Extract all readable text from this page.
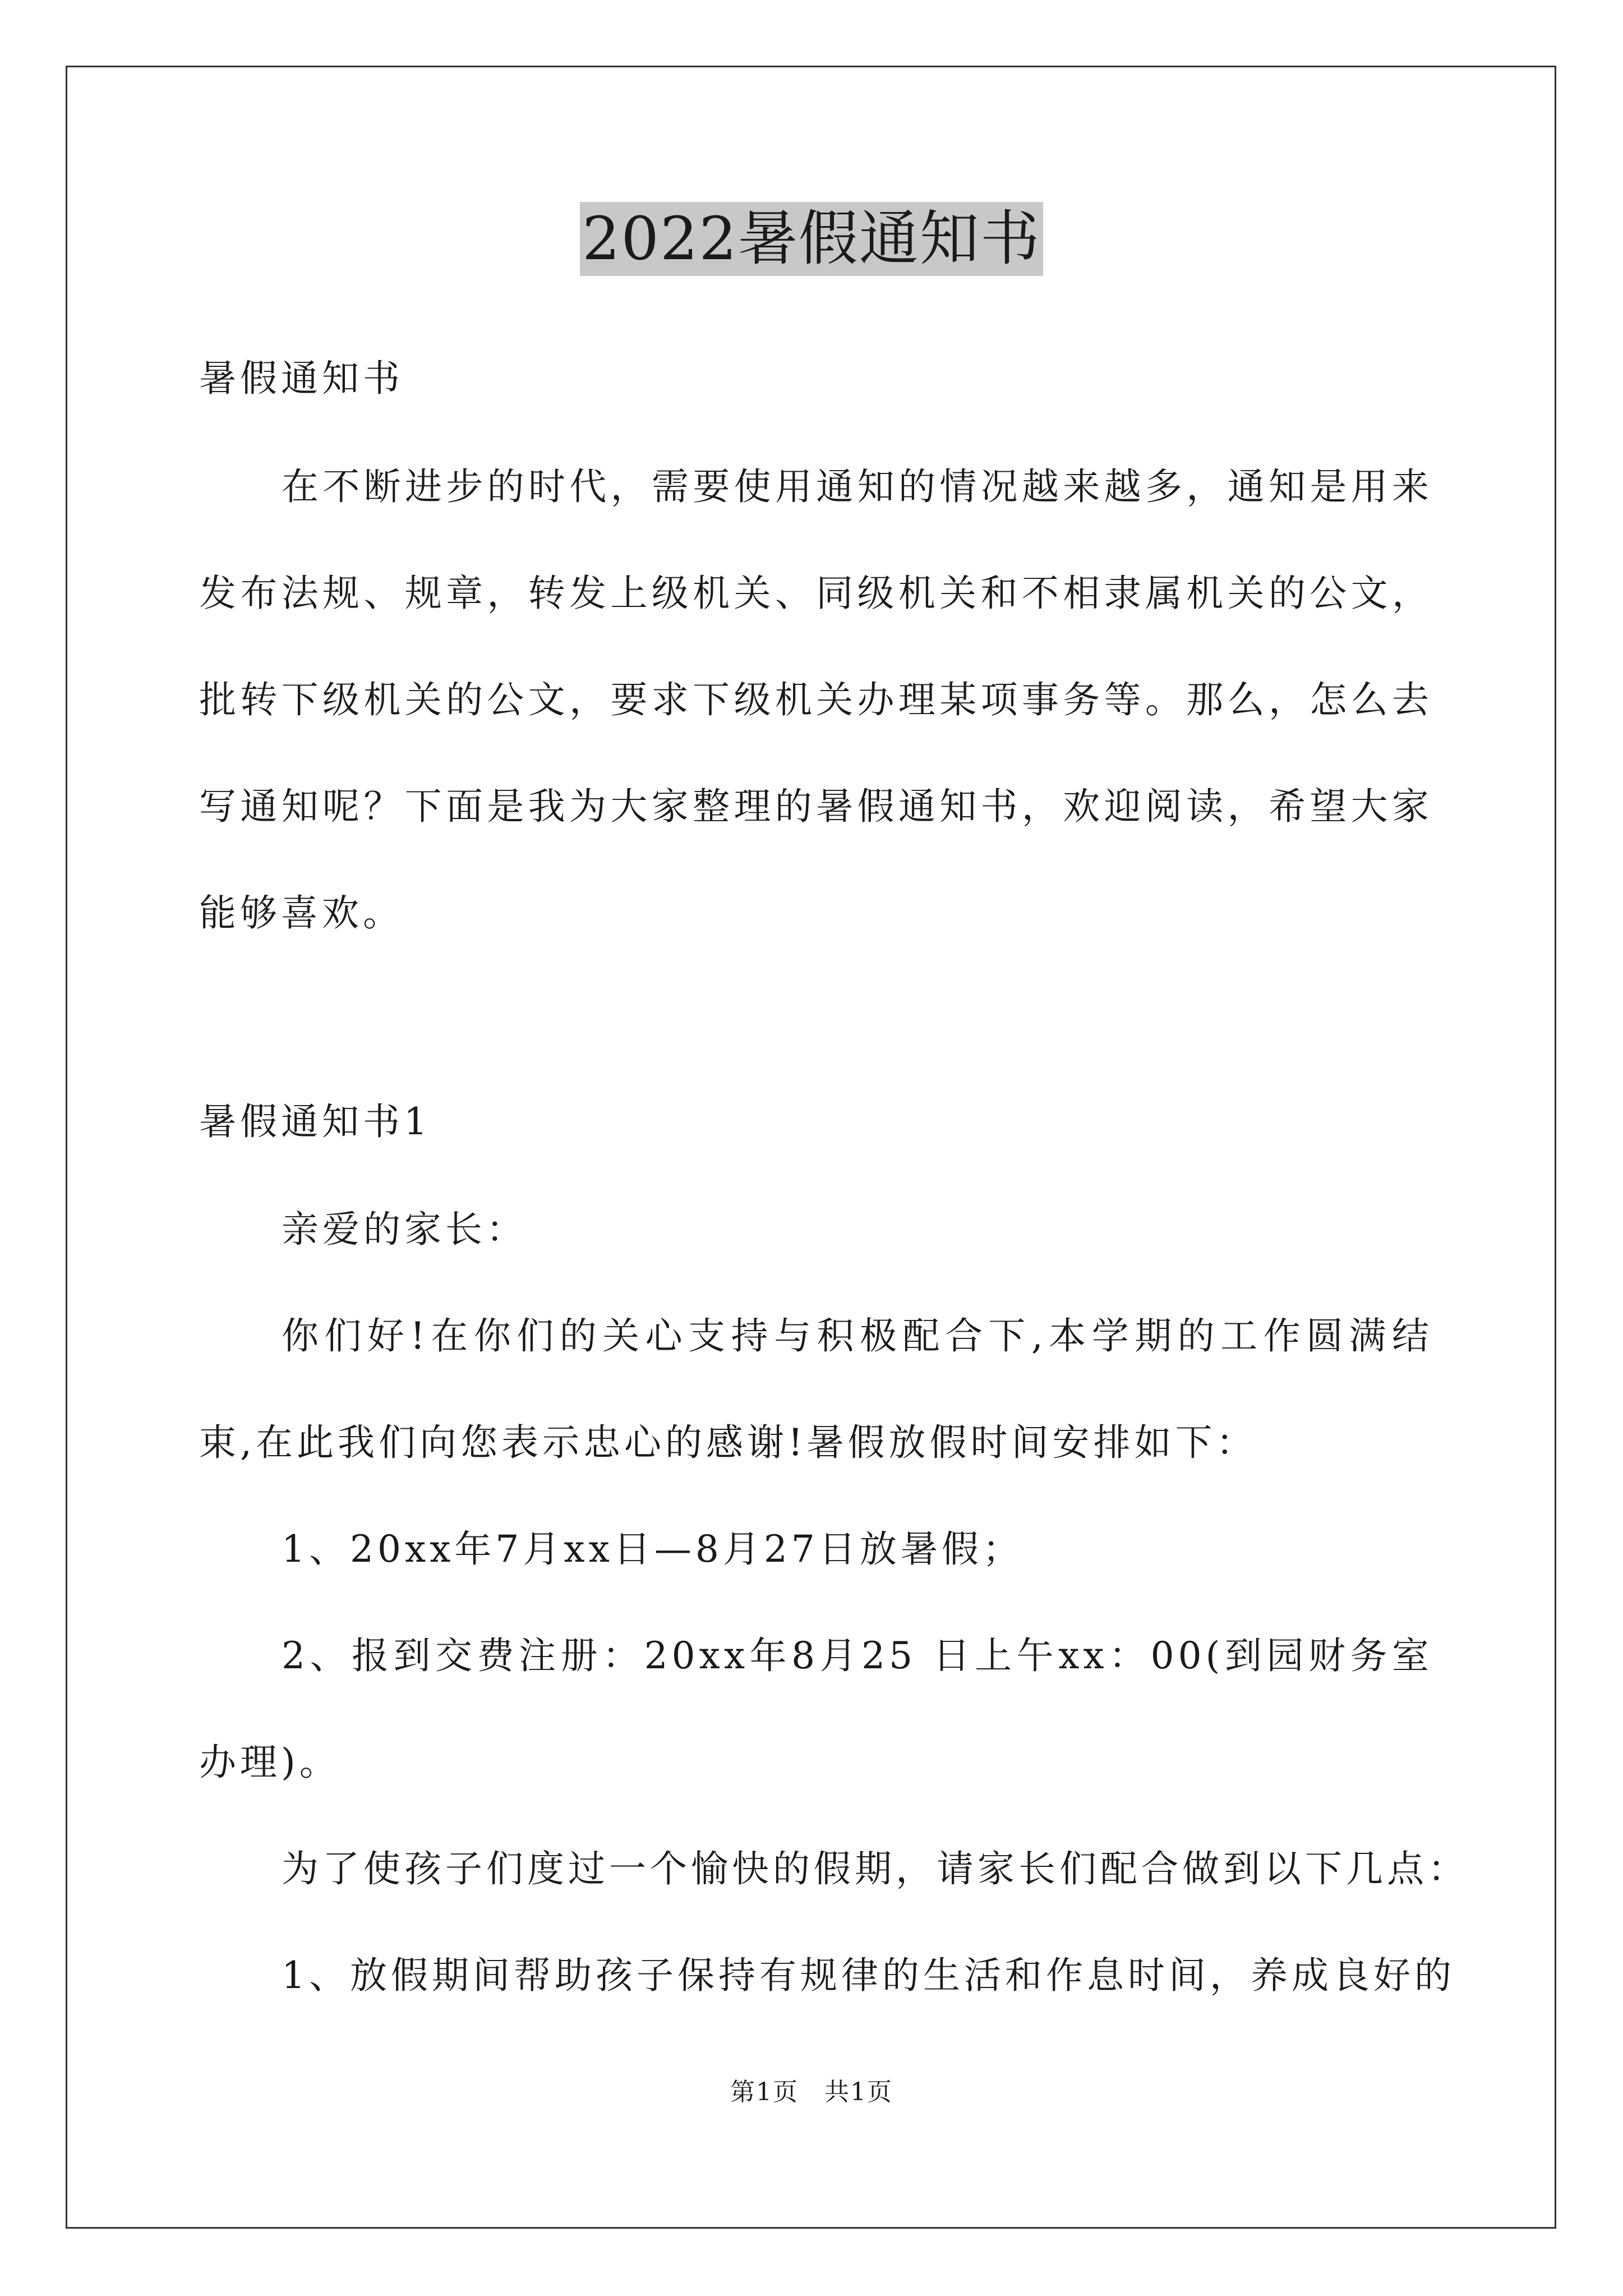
2022暑假通知书
暑假通知书
在不断进步的时代，需要使用通知的情况越来越多，通知是用来发布法规、规章，转发上级机关、同级机关和不相隶属机关的公文，批转下级机关的公文，要求下级机关办理某项事务等。那么，怎么去写通知呢？下面是我为大家整理的暑假通知书，欢迎阅读，希望大家能够喜欢。
暑假通知书1
亲爱的家长：
你们好!在你们的关心支持与积极配合下,本学期的工作圆满结束,在此我们向您表示忠心的感谢!暑假放假时间安排如下：
1、20xx年7月xx日—8月27日放暑假；
2、报到交费注册：20xx年8月25 日上午xx：00(到园财务室办理)。
为了使孩子们度过一个愉快的假期，请家长们配合做到以下几点：
1、放假期间帮助孩子保持有规律的生活和作息时间，养成良好的
第1页　共1页
